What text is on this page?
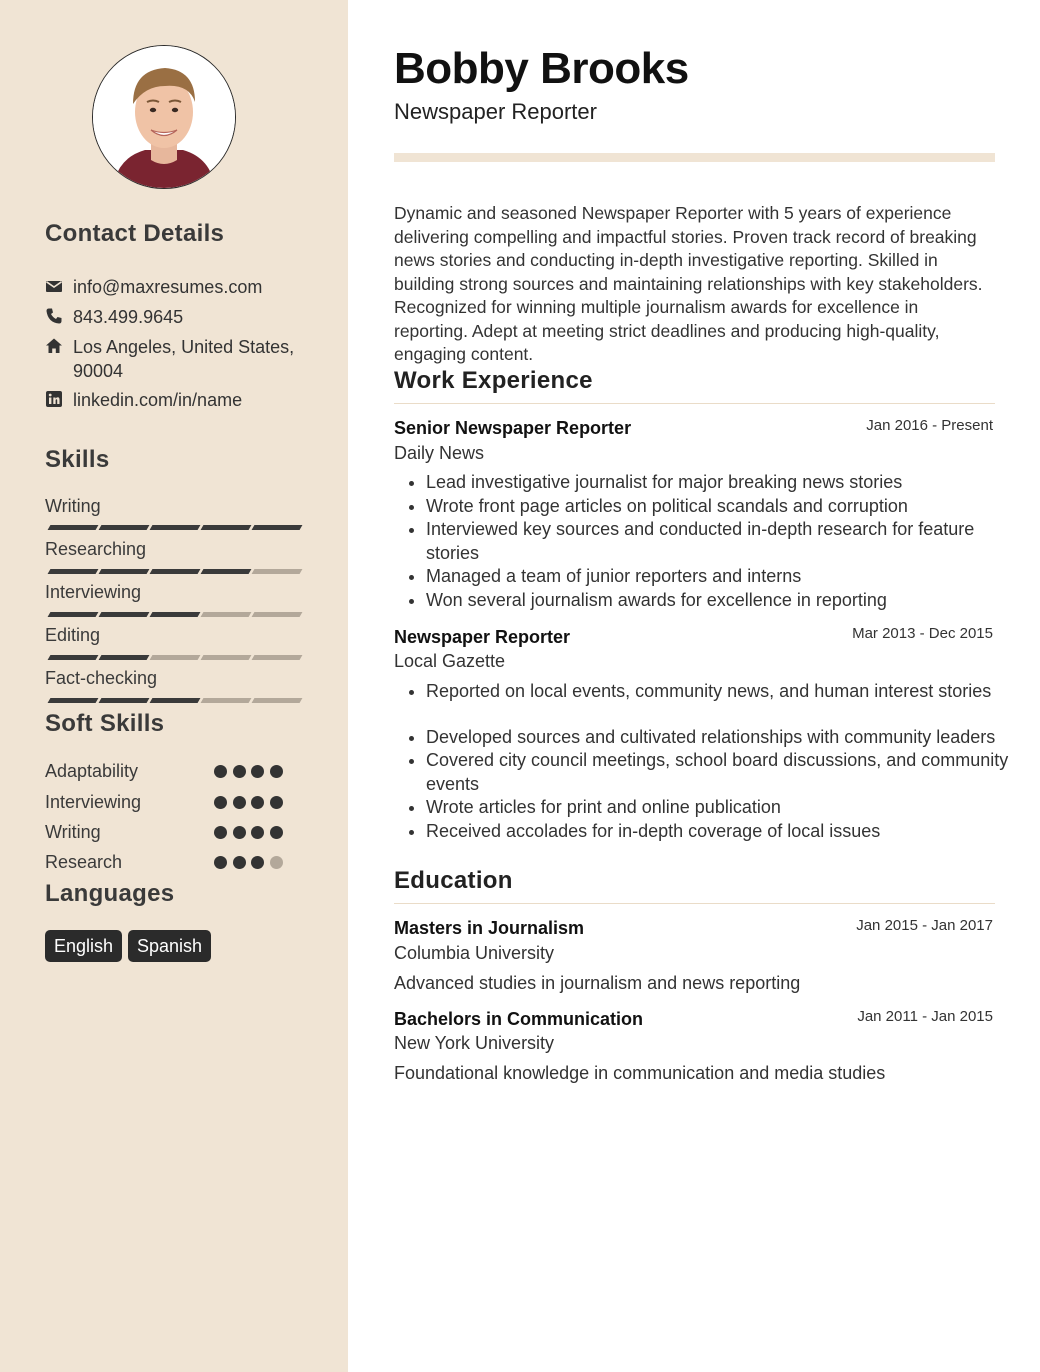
Contact Details
info@maxresumes.com
843.499.9645
Los Angeles, United States, 90004
linkedin.com/in/name
Skills
Writing
Researching
Interviewing
Editing
Fact-checking
Soft Skills
Adaptability
Interviewing
Writing
Research
Languages
English	Spanish
Bobby Brooks
Newspaper Reporter

Dynamic and seasoned Newspaper Reporter with 5 years of experience delivering compelling and impactful stories. Proven track record of breaking news stories and conducting in-depth investigative reporting. Skilled in building strong sources and maintaining relationships with key stakeholders. Recognized for winning multiple journalism awards for excellence in reporting. Adept at meeting strict deadlines and producing high-quality, engaging content.

Work Experience
Senior Newspaper Reporter	Jan 2016 - Present
Daily News
• Lead investigative journalist for major breaking news stories
• Wrote front page articles on political scandals and corruption
• Interviewed key sources and conducted in-depth research for feature stories
• Managed a team of junior reporters and interns
• Won several journalism awards for excellence in reporting
Newspaper Reporter	Mar 2013 - Dec 2015
Local Gazette
• Reported on local events, community news, and human interest stories
• Developed sources and cultivated relationships with community leaders
• Covered city council meetings, school board discussions, and community events
• Wrote articles for print and online publication
• Received accolades for in-depth coverage of local issues
Education
Masters in Journalism	Jan 2015 - Jan 2017
Columbia University
Advanced studies in journalism and news reporting
Bachelors in Communication	Jan 2011 - Jan 2015
New York University
Foundational knowledge in communication and media studies
